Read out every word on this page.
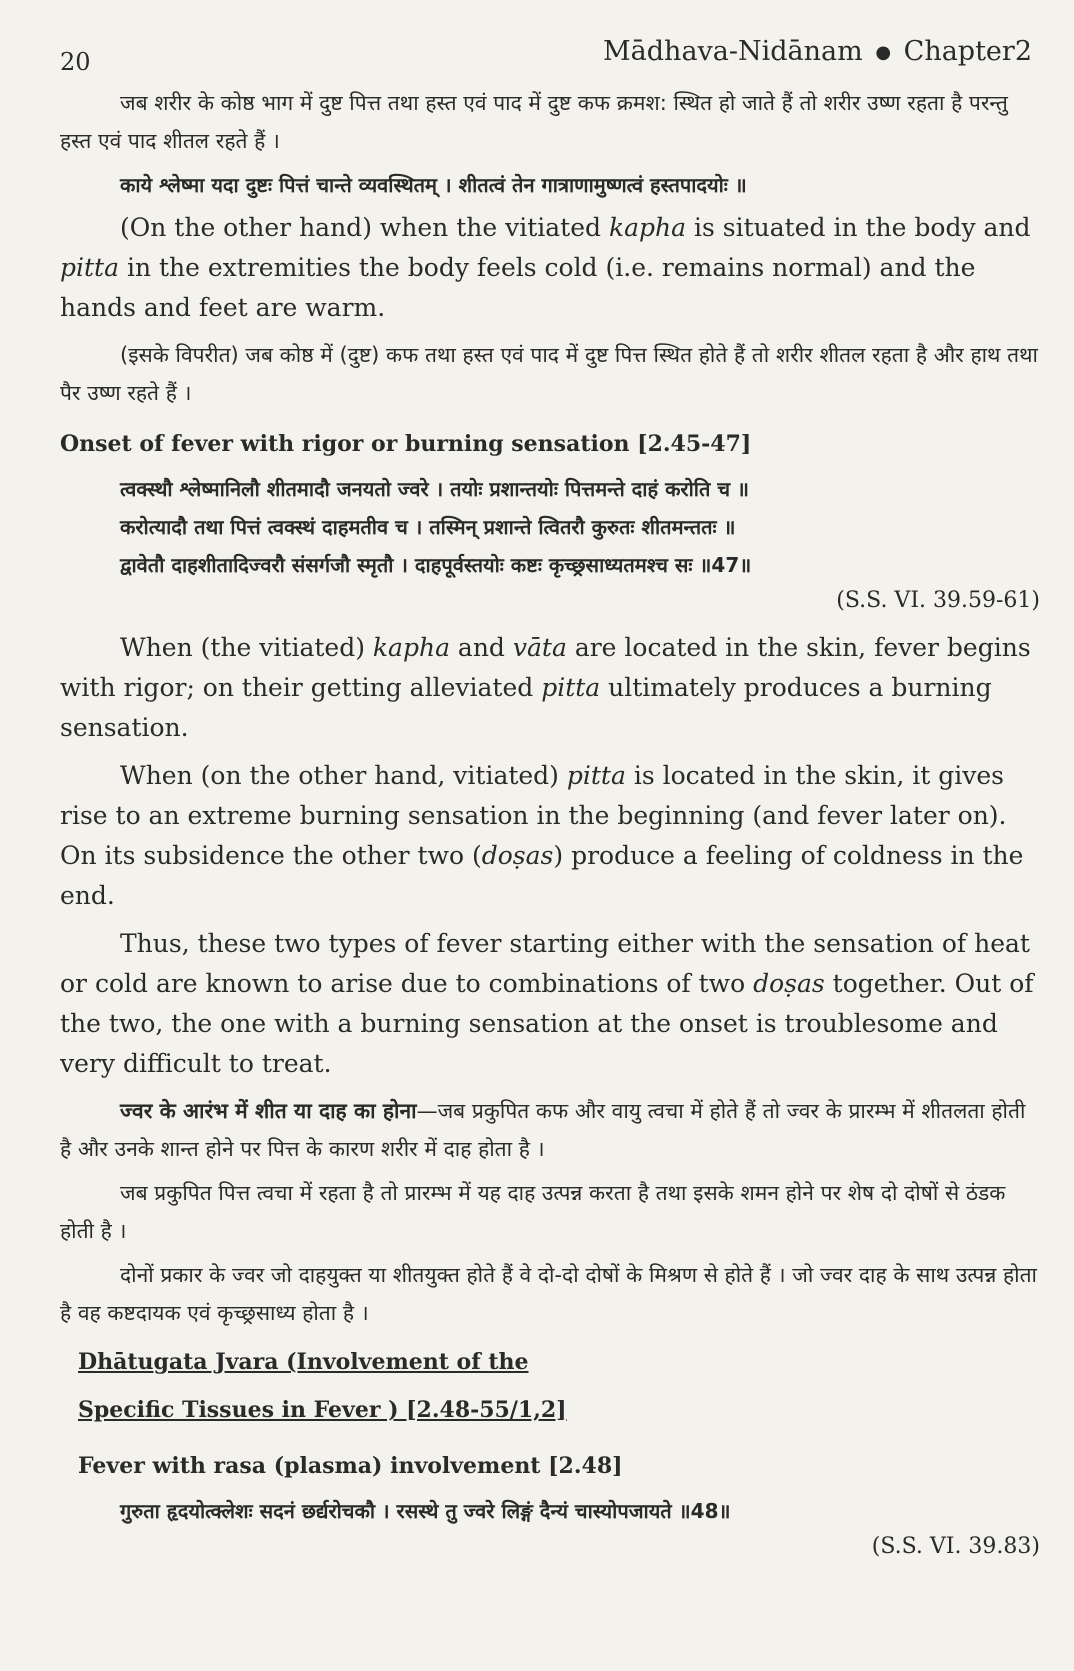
20	Mādhava-Nidānam ● Chapter2

जब शरीर के कोष्ठ भाग में दुष्ट पित्त तथा हस्त एवं पाद में दुष्ट कफ क्रमश: स्थित हो जाते हैं तो शरीर उष्ण रहता है परन्तु हस्त एवं पाद शीतल रहते हैं ।

काये श्लेष्मा यदा दुष्टः पित्तं चान्ते व्यवस्थितम् । शीतत्वं तेन गात्राणामुष्णत्वं हस्तपादयोः ॥

(On the other hand) when the vitiated kapha is situated in the body and pitta in the extremities the body feels cold (i.e. remains normal) and the hands and feet are warm.

(इसके विपरीत) जब कोष्ठ में (दुष्ट) कफ तथा हस्त एवं पाद में दुष्ट पित्त स्थित होते हैं तो शरीर शीतल रहता है और हाथ तथा पैर उष्ण रहते हैं ।

Onset of fever with rigor or burning sensation [2.45-47]

त्वक्स्थौ श्लेष्मानिलौ शीतमादौ जनयतो ज्वरे । तयोः प्रशान्तयोः पित्तमन्ते दाहं करोति च ॥

करोत्यादौ तथा पित्तं त्वक्स्थं दाहमतीव च । तस्मिन् प्रशान्ते त्वितरौ कुरुतः शीतमन्ततः ॥

द्वावेतौ दाहशीतादिज्वरौ संसर्गजौ स्मृतौ । दाहपूर्वस्तयोः कष्टः कृच्छ्रसाध्यतमश्च सः ॥47॥

(S.S. VI. 39.59-61)

When (the vitiated) kapha and vāta are located in the skin, fever begins with rigor; on their getting alleviated pitta ultimately produces a burning sensation.

When (on the other hand, vitiated) pitta is located in the skin, it gives rise to an extreme burning sensation in the beginning (and fever later on). On its subsidence the other two (doṣas) produce a feeling of coldness in the end.

Thus, these two types of fever starting either with the sensation of heat or cold are known to arise due to combinations of two doṣas together. Out of the two, the one with a burning sensation at the onset is troublesome and very difficult to treat.

ज्वर के आरंभ में शीत या दाह का होना—जब प्रकुपित कफ और वायु त्वचा में होते हैं तो ज्वर के प्रारम्भ में शीतलता होती है और उनके शान्त होने पर पित्त के कारण शरीर में दाह होता है ।

जब प्रकुपित पित्त त्वचा में रहता है तो प्रारम्भ में यह दाह उत्पन्न करता है तथा इसके शमन होने पर शेष दो दोषों से ठंडक होती है ।

दोनों प्रकार के ज्वर जो दाहयुक्त या शीतयुक्त होते हैं वे दो-दो दोषों के मिश्रण से होते हैं । जो ज्वर दाह के साथ उत्पन्न होता है वह कष्टदायक एवं कृच्छ्रसाध्य होता है ।

Dhātugata Jvara (Involvement of the
Specific Tissues in Fever ) [2.48-55/1,2]
Fever with rasa (plasma) involvement [2.48]

गुरुता हृदयोत्क्लेशः सदनं छर्द्यरोचकौ । रसस्थे तु ज्वरे लिङ्गं दैन्यं चास्योपजायते ॥48॥

(S.S. VI. 39.83)
